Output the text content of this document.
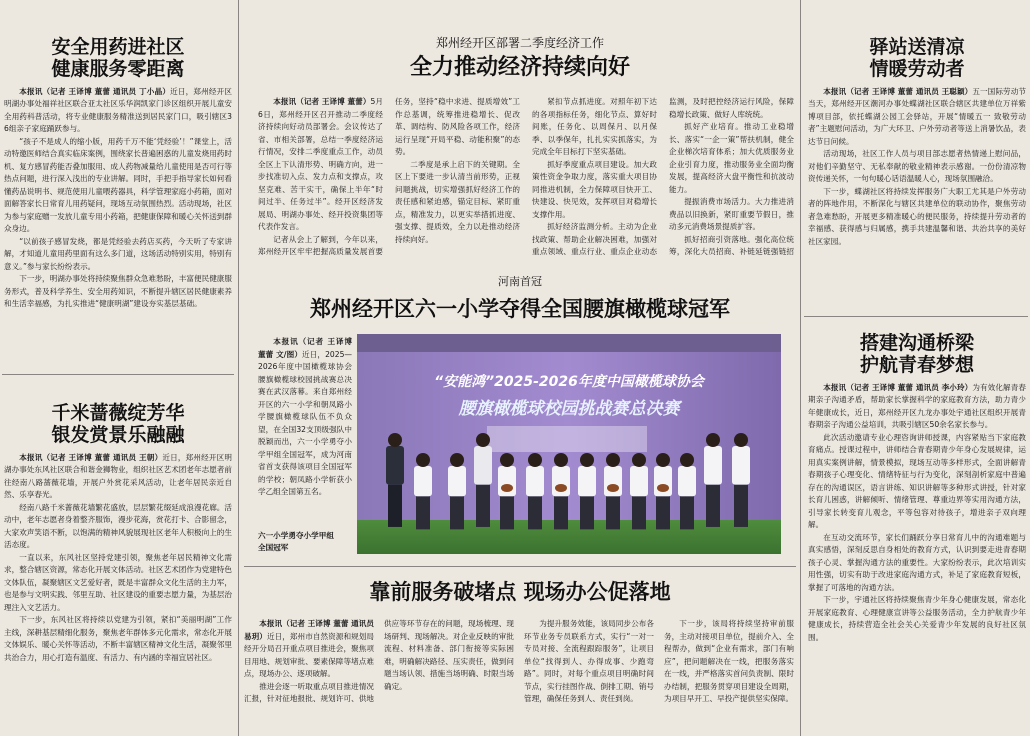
安全用药进社区
健康服务零距离

本报讯（记者 王译博 董蕾 通讯员 丁小晶）近日，郑州经开区明湖办事处福祥社区联合亚太社区乐华润凯家门诊区组织开展儿童安全用药科普活动，将专业健康服务精准送到居民家门口，吸引辖区36组亲子家庭踊跃参与。

“孩子不是成人的缩小版，用药千万不能‘凭经验’！”课堂上，活动特邀医师结合真实临床案例，围绕家长普遍困惑的儿童发烧用药时机、复方感冒药能否叠加服用、成人药物减量给儿童使用是否可行等热点问题，进行深入浅出的专业讲解。同时，手把手指导家长如何看懂药品说明书、规范使用儿童喂药器具，科学管理家庭小药箱，面对面解答家长日常育儿用药疑问，现场互动氛围热烈。活动现场，社区为参与家庭赠一发放儿童专用小药箱，把健康保障和暖心关怀送到群众身边。

“以前孩子感冒发烧，都是凭经验去药店买药，今天听了专家讲解，才知道儿童用药里面有这么多门道，这场活动特别实用，特别有意义。”参与家长纷纷表示。

下一步，明湖办事处将持续聚焦群众急难愁盼，丰富便民健康服务形式，普及科学养生、安全用药知识，不断提升辖区居民健康素养和生活幸福感，为扎实推进“健康明湖”建设夯实基层基础。

千米蔷薇绽芳华
银发赏景乐融融

本报讯（记者 王译博 董蕾 通讯员 王朝）近日，郑州经开区明湖办事处东风社区联合和谐金狮物业，组织社区艺术团老年志愿者前往经南八路蔷薇花墙，开展户外赏花采风活动，让老年居民亲近自然、乐享春光。

经南八路千米蔷薇花墙繁花盛放，层层繁花缀延成浪漫花廊。活动中，老年志愿者身着整齐服饰，漫步花海，赏花打卡、合影留念，大家欢声笑语不断，以饱满的精神风貌展现社区老年人积极向上的生活态度。

一直以来，东风社区坚持党建引领，聚焦老年居民精神文化需求，整合辖区资源，常态化开展文体活动。社区艺术团作为党建特色文体队伍，凝聚辖区文艺爱好者，既是丰富群众文化生活的主力军，也是参与文明实践、邻里互助、社区建设的重要志愿力量，为基层治理注入文艺活力。

下一步，东风社区将持续以党建为引领，紧扣“美丽明湖”工作主线，深耕基层精细化服务，聚焦老年群体多元化需求，常态化开展文体娱乐、暖心关怀等活动，不断丰富辖区精神文化生活，凝聚邻里共治合力，用心打造有温度、有活力、有内涵的幸福宜居社区。

郑州经开区部署二季度经济工作
全力推动经济持续向好

本报讯（记者 王译博 董蕾）5月6日，郑州经开区召开推动二季度经济持续向好动员部署会。会议传达了省、市相关部署，总结一季度经济运行情况，安排二季度重点工作，动员全区上下认清形势、明确方向，进一步找准切入点、发力点和支撑点，攻坚克难、苦干实干，确保上半年“时间过半、任务过半”。经开区经济发展局、明湖办事处、经开投资集团等代表作发言。

记者从会上了解到，今年以来，郑州经开区牢牢把握高质量发展首要任务，坚持“稳中求进、提质增效”工作总基调，统筹推进稳增长、促改革、调结构、防风险各项工作，经济运行呈现“开局平稳、动能积聚”的态势。

二季度是承上启下的关键期。全区上下要进一步认清当前形势，正视问题挑战，切实增强抓好经济工作的责任感和紧迫感，锚定目标、紧盯重点，精准发力，以更实举措抓进度、强支撑、提质效，全力以赴推动经济持续向好。

紧扣节点抓进度。对照年初下达的各项指标任务，细化节点、算好时间账，任务化、以周保月、以月保季、以季保年，扎扎实实抓落实，为完成全年目标打下坚实基础。

抓好季度重点项目建设。加大政策性资金争取力度，落实重大项目协同推进机制，全力保障项目快开工、快建设、快见效，发挥项目对稳增长支撑作用。

抓好经济监测分析。主动为企业找政策、帮助企业解决困难，加强对重点领域、重点行业、重点企业动态监测，及时把控经济运行风险，保障稳增长政策、做好人库统统。

抓好产业培育。推动工业稳增长、落实“一企一策”帮扶机制，健全企业梯次培育体系；加大优质服务业企业引育力度，推动服务业全面均衡发展，提高经济大盘平衡性和抗波动能力。

提振消费市场活力。大力推进消费品以旧换新，紧盯重要节假日，推动多元消费场景提质扩容。

抓好招商引资落地。强化高位统筹，深化大员招商、补链延链强链招

河南首冠
郑州经开区六一小学夺得全国腰旗橄榄球冠军

本报讯（记者 王译博 董蕾 文/图）近日，2025—2026年度中国橄榄球协会腰旗橄榄球校园挑战赛总决赛在武汉落幕。来自郑州经开区的六一小学和朝凤路小学腰旗橄榄球队伍不负众望，在全国32支顶级强队中脱颖而出，六一小学勇夺小学甲组全国冠军，成为河南省首支获得该项目全国冠军的学校；朝凤路小学斩获小学乙组全国第五名。

六一小学勇夺小学甲组
全国冠军
“安能鸿”2025-2026年度中国橄榄球协会
腰旗橄榄球校园挑战赛总决赛
靠前服务破堵点 现场办公促落地

本报讯（记者 王译博 董蕾 通讯员 易玥）近日，郑州市自然资源和规划局经开分局召开重点项目推进会，聚焦项目用地、规划审批、要素保障等堵点难点，现场办公、逐项破解。

推进会逐一听取重点项目推进情况汇报，针对征地报批、规划许可、供地供应等环节存在的问题，现场梳理、现场研判、现场解决。对企业反映的审批流程、材料准备、部门衔接等实际困难，明确解决路径、压实责任，做到问题当场认领、措施当场明确、时限当场确定。

为提升服务效能，该局同步公布各环节业务专员联系方式，实行“一对一专员对接、全流程跟踪服务”，让项目单位“找得到人、办得成事、少跑弯路”。同时，对每个重点项目明确时间节点，实行挂图作战、倒排工期、销号管理，确保任务到人、责任到岗。

下一步，该局将持续坚持审前服务，主动对接项目单位，提前介入、全程帮办，做到“企业有需求，部门有响应”，把问题解决在一线，把服务落实在一线，并严格落实首问负责制、限时办结制，把服务贯穿项目建设全周期，为项目早开工、早投产提供坚实保障。

驿站送清凉
情暖劳动者

本报讯（记者 王译博 董蕾 通讯员 王聪颖）五一国际劳动节当天，郑州经开区潮河办事处蝶湖社区联合辖区共建单位万祥紫博项目部，依托蝶湖公园工会驿站，开展“情暖五一 致敬劳动者”主题慰问活动，为广大环卫、户外劳动者等送上消暑饮品，表达节日问候。

活动现场，社区工作人员与项目部志愿者热情递上慰问品，对他们辛勤坚守、无私奉献的敬业精神表示感谢。一份份清凉物资传递关怀，一句句暖心话语温暖人心，现场氛围融洽。

下一步，蝶湖社区将持续发挥服务广大职工尤其是户外劳动者的阵地作用，不断深化与辖区共建单位的联动协作，聚焦劳动者急难愁盼，开展更多精准暖心的便民服务，持续提升劳动者的幸福感、获得感与归属感，携手共建温馨和谐、共治共享的美好社区家园。

搭建沟通桥梁
护航青春梦想

本报讯（记者 王译博 董蕾 通讯员 李小玲）为有效化解青春期亲子沟通矛盾，帮助家长掌握科学的家庭教育方法，助力青少年健康成长，近日，郑州经开区九龙办事处宇通社区组织开展青春期亲子沟通公益培训，共吸引辖区50余名家长参与。

此次活动邀请专业心理咨询讲师授课，内容紧贴当下家庭教育痛点。授课过程中，讲师结合青春期青少年身心发展规律，运用真实案例讲解，情景模拟，现场互动等多样形式，全面讲解青春期孩子心理变化、情绪特征与行为变化，深刻剖析家庭中普遍存在的沟通误区，语言讲练、知识讲解等多种形式讲授，针对家长育儿困惑，讲解倾听、情绪管理、尊重边界等实用沟通方法，引导家长转变育儿观念，平等包容对待孩子，增进亲子双向理解。

在互动交流环节，家长们踊跃分享日常育儿中的沟通难题与真实感悟，深刻反思自身相处的教育方式，认识到要走进青春期孩子心灵、掌握沟通方法的重要性。大家纷纷表示，此次培训实用性强，切实有助于改进家庭沟通方式，补足了家庭教育短板，掌握了可落地的沟通方法。

下一步，宇通社区将持续聚焦青少年身心健康发展，常态化开展家庭教育、心理健康宣讲等公益服务活动，全力护航青少年健康成长，持续营造全社会关心关爱青少年发展的良好社区氛围。
